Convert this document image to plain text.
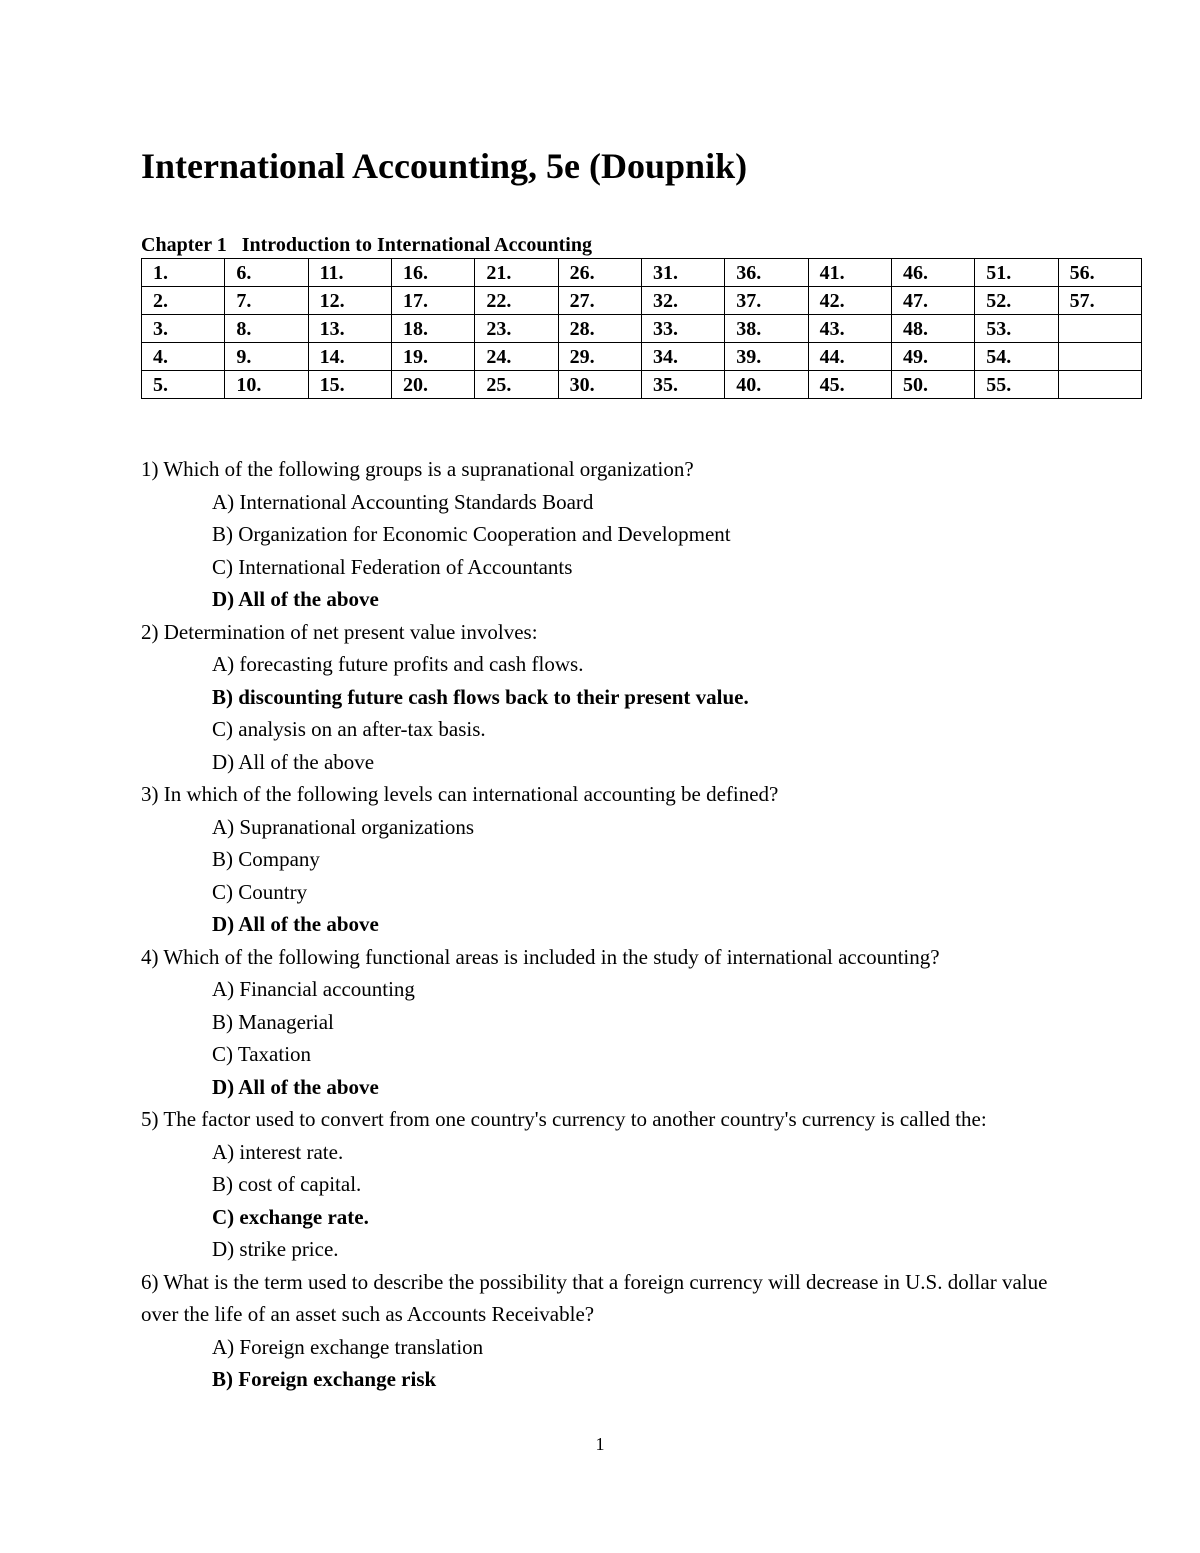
International Accounting, 5e (Doupnik)
Chapter 1   Introduction to International Accounting
1.	6.	11.	16.	21.	26.	31.	36.	41.	46.	51.	56.
2.	7.	12.	17.	22.	27.	32.	37.	42.	47.	52.	57.
3.	8.	13.	18.	23.	28.	33.	38.	43.	48.	53.	
4.	9.	14.	19.	24.	29.	34.	39.	44.	49.	54.	
5.	10.	15.	20.	25.	30.	35.	40.	45.	50.	55.	

1) Which of the following groups is a supranational organization?

A) International Accounting Standards Board

B) Organization for Economic Cooperation and Development

C) International Federation of Accountants

D) All of the above

2) Determination of net present value involves:

A) forecasting future profits and cash flows.

B) discounting future cash flows back to their present value.

C) analysis on an after-tax basis.

D) All of the above

3) In which of the following levels can international accounting be defined?

A) Supranational organizations

B) Company

C) Country

D) All of the above

4) Which of the following functional areas is included in the study of international accounting?

A) Financial accounting

B) Managerial

C) Taxation

D) All of the above

5) The factor used to convert from one country's currency to another country's currency is called the:

A) interest rate.

B) cost of capital.

C) exchange rate.

D) strike price.

6) What is the term used to describe the possibility that a foreign currency will decrease in U.S. dollar value over the life of an asset such as Accounts Receivable?

A) Foreign exchange translation

B) Foreign exchange risk

1
